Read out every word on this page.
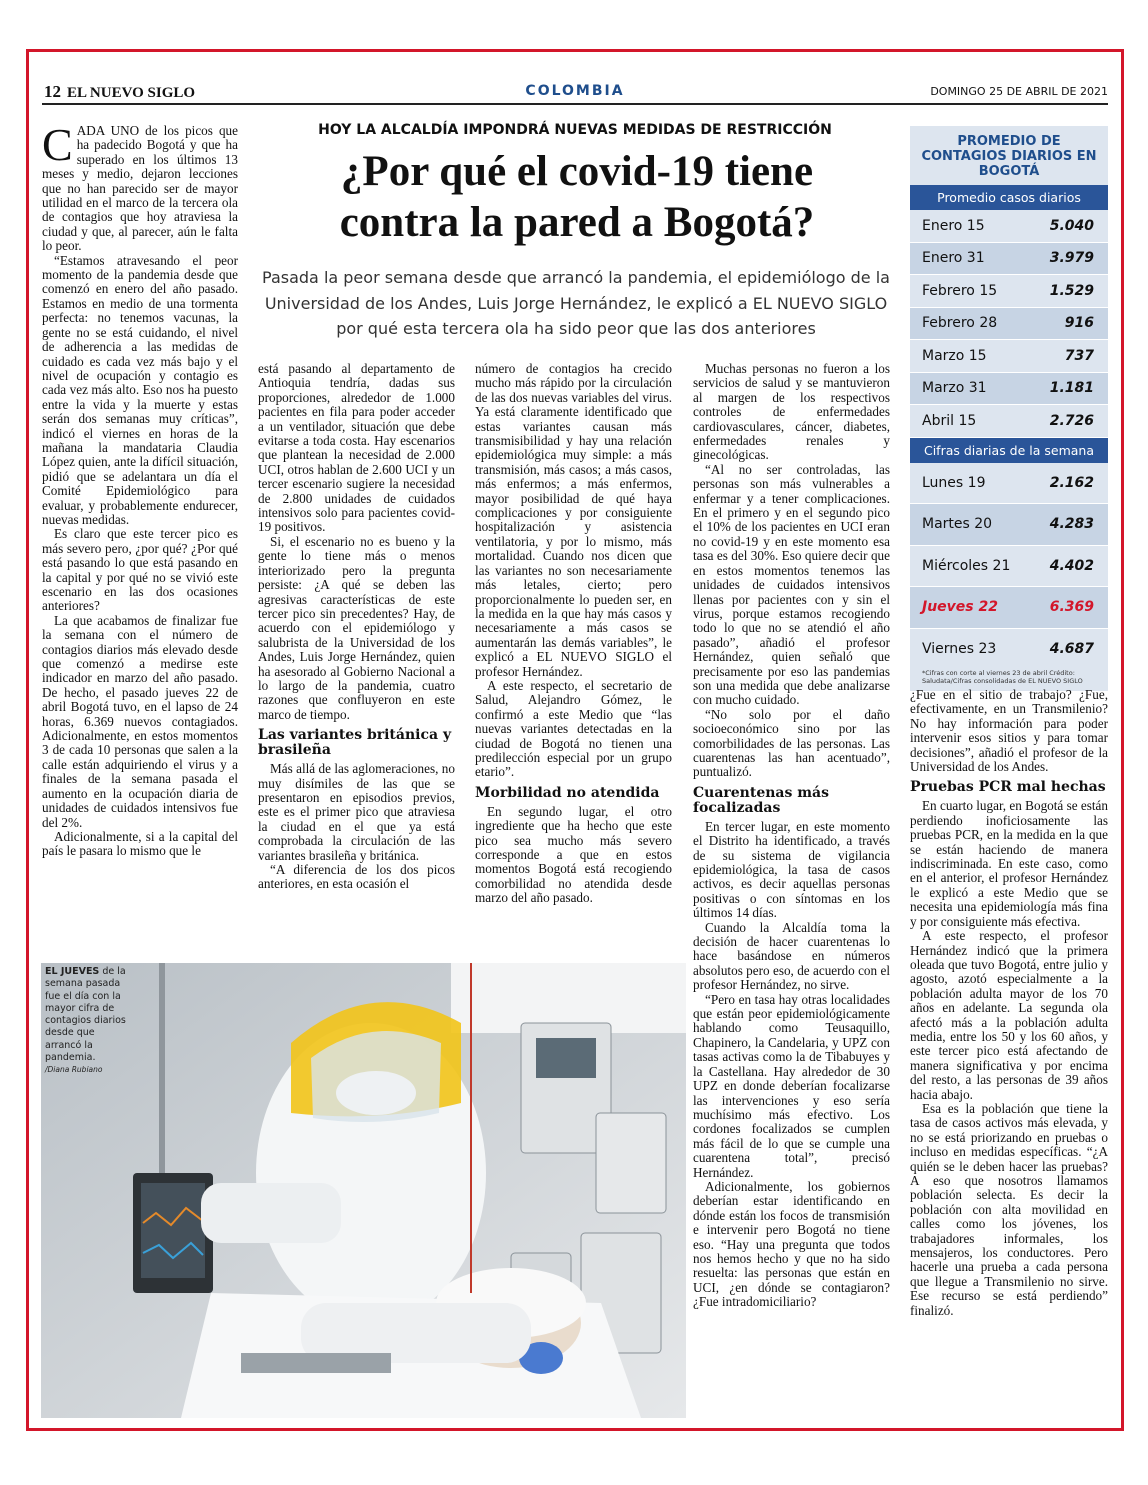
12 EL NUEVO SIGLO	COLOMBIA	DOMINGO 25 DE ABRIL DE 2021
C ADA UNO de los picos que ha padecido Bogotá y que ha superado en los últimos 13 meses y medio, dejaron lecciones que no han parecido ser de mayor utilidad en el marco de la tercera ola de contagios que hoy atraviesa la ciudad y que, al parecer, aún le falta lo peor.

“Estamos atravesando el peor momento de la pandemia desde que comenzó en enero del año pasado. Estamos en medio de una tormenta perfecta: no tenemos vacunas, la gente no se está cuidando, el nivel de adherencia a las medidas de cuidado es cada vez más bajo y el nivel de ocupación y contagio es cada vez más alto. Eso nos ha puesto entre la vida y la muerte y estas serán dos semanas muy críticas”, indicó el viernes en horas de la mañana la mandataria Claudia López quien, ante la difícil situación, pidió que se adelantara un día el Comité Epidemiológico para evaluar, y probablemente endurecer, nuevas medidas.

Es claro que este tercer pico es más severo pero, ¿por qué? ¿Por qué está pasando lo que está pasando en la capital y por qué no se vivió este escenario en las dos ocasiones anteriores?

La que acabamos de finalizar fue la semana con el número de contagios diarios más elevado desde que comenzó a medirse este indicador en marzo del año pasado. De hecho, el pasado jueves 22 de abril Bogotá tuvo, en el lapso de 24 horas, 6.369 nuevos contagiados. Adicionalmente, en estos momentos 3 de cada 10 personas que salen a la calle están adquiriendo el virus y a finales de la semana pasada el aumento en la ocupación diaria de unidades de cuidados intensivos fue del 2%.

Adicionalmente, si a la capital del país le pasara lo mismo que le

HOY LA ALCALDÍA IMPONDRÁ NUEVAS MEDIDAS DE RESTRICCIÓN
¿Por qué el covid-19 tiene
contra la pared a Bogotá?
Pasada la peor semana desde que arrancó la pandemia, el epidemiólogo de la Universidad de los Andes, Luis Jorge Hernández, le explicó a EL NUEVO SIGLO por qué esta tercera ola ha sido peor que las dos anteriores

está pasando al departamento de Antioquia tendría, dadas sus proporciones, alrededor de 1.000 pacientes en fila para poder acceder a un ventilador, situación que debe evitarse a toda costa. Hay escenarios que plantean la necesidad de 2.000 UCI, otros hablan de 2.600 UCI y un tercer escenario sugiere la necesidad de 2.800 unidades de cuidados intensivos solo para pacientes covid-19 positivos.

Si, el escenario no es bueno y la gente lo tiene más o menos interiorizado pero la pregunta persiste: ¿A qué se deben las agresivas características de este tercer pico sin precedentes? Hay, de acuerdo con el epidemiólogo y salubrista de la Universidad de los Andes, Luis Jorge Hernández, quien ha asesorado al Gobierno Nacional a lo largo de la pandemia, cuatro razones que confluyeron en este marco de tiempo.

Las variantes británica y brasileña

Más allá de las aglomeraciones, no muy disímiles de las que se presentaron en episodios previos, este es el primer pico que atraviesa la ciudad en el que ya está comprobada la circulación de las variantes brasileña y británica.

“A diferencia de los dos picos anteriores, en esta ocasión el

número de contagios ha crecido mucho más rápido por la circulación de las dos nuevas variables del virus. Ya está claramente identificado que estas variantes causan más transmisibilidad y hay una relación epidemiológica muy simple: a más transmisión, más casos; a más casos, más enfermos; a más enfermos, mayor posibilidad de qué haya complicaciones y por consiguiente hospitalización y asistencia ventilatoria, y por lo mismo, más mortalidad. Cuando nos dicen que las variantes no son necesariamente más letales, cierto; pero proporcionalmente lo pueden ser, en la medida en la que hay más casos y necesariamente a más casos se aumentarán las demás variables”, le explicó a EL NUEVO SIGLO el profesor Hernández.

A este respecto, el secretario de Salud, Alejandro Gómez, le confirmó a este Medio que “las nuevas variantes detectadas en la ciudad de Bogotá no tienen una predilección especial por un grupo etario”.

Morbilidad no atendida

En segundo lugar, el otro ingrediente que ha hecho que este pico sea mucho más severo corresponde a que en estos momentos Bogotá está recogiendo comorbilidad no atendida desde marzo del año pasado.

Muchas personas no fueron a los servicios de salud y se mantuvieron al margen de los respectivos controles de enfermedades cardiovasculares, cáncer, diabetes, enfermedades renales y ginecológicas.

“Al no ser controladas, las personas son más vulnerables a enfermar y a tener complicaciones. En el primero y en el segundo pico el 10% de los pacientes en UCI eran no covid-19 y en este momento esa tasa es del 30%. Eso quiere decir que en estos momentos tenemos las unidades de cuidados intensivos llenas por pacientes con y sin el virus, porque estamos recogiendo todo lo que no se atendió el año pasado”, añadió el profesor Hernández, quien señaló que precisamente por eso las pandemias son una medida que debe analizarse con mucho cuidado.

“No solo por el daño socioeconómico sino por las comorbilidades de las personas. Las cuarentenas las han acentuado”, puntualizó.

Cuarentenas más focalizadas

En tercer lugar, en este momento el Distrito ha identificado, a través de su sistema de vigilancia epidemiológica, la tasa de casos activos, es decir aquellas personas positivas o con síntomas en los últimos 14 días.

Cuando la Alcaldía toma la decisión de hacer cuarentenas lo hace basándose en números absolutos pero eso, de acuerdo con el profesor Hernández, no sirve.

“Pero en tasa hay otras localidades que están peor epidemiológicamente hablando como Teusaquillo, Chapinero, la Candelaria, y UPZ con tasas activas como la de Tibabuyes y la Castellana. Hay alrededor de 30 UPZ en donde deberían focalizarse las intervenciones y eso sería muchísimo más efectivo. Los cordones focalizados se cumplen más fácil de lo que se cumple una cuarentena total”, precisó Hernández.

Adicionalmente, los gobiernos deberían estar identificando en dónde están los focos de transmisión e intervenir pero Bogotá no tiene eso. “Hay una pregunta que todos nos hemos hecho y que no ha sido resuelta: las personas que están en UCI, ¿en dónde se contagiaron? ¿Fue intradomiciliario?

PROMEDIO DE CONTAGIOS DIARIOS EN BOGOTÁ
Promedio casos diarios
Enero 15	5.040
Enero 31	3.979
Febrero 15	1.529
Febrero 28	916
Marzo 15	737
Marzo 31	1.181
Abril 15	2.726
Cifras diarias de la semana
Lunes 19	2.162
Martes 20	4.283
Miércoles 21	4.402
Jueves 22	6.369
Viernes 23	4.687
*Cifras con corte al viernes 23 de abril Crédito: Saludata/Cifras consolidadas de EL NUEVO SIGLO

¿Fue en el sitio de trabajo? ¿Fue, efectivamente, en un Transmilenio? No hay información para poder intervenir esos sitios y para tomar decisiones”, añadió el profesor de la Universidad de los Andes.

Pruebas PCR mal hechas

En cuarto lugar, en Bogotá se están perdiendo inoficiosamente las pruebas PCR, en la medida en la que se están haciendo de manera indiscriminada. En este caso, como en el anterior, el profesor Hernández le explicó a este Medio que se necesita una epidemiología más fina y por consiguiente más efectiva.

A este respecto, el profesor Hernández indicó que la primera oleada que tuvo Bogotá, entre julio y agosto, azotó especialmente a la población adulta mayor de los 70 años en adelante. La segunda ola afectó más a la población adulta media, entre los 50 y los 60 años, y este tercer pico está afectando de manera significativa y por encima del resto, a las personas de 39 años hacia abajo.

Esa es la población que tiene la tasa de casos activos más elevada, y no se está priorizando en pruebas o incluso en medidas específicas. “¿A quién se le deben hacer las pruebas? A eso que nosotros llamamos población selecta. Es decir la población con alta movilidad en calles como los jóvenes, los trabajadores informales, los mensajeros, los conductores. Pero hacerle una prueba a cada persona que llegue a Transmilenio no sirve. Ese recurso se está perdiendo” finalizó.

EL JUEVES de la semana pasada fue el día con la mayor cifra de contagios diarios desde que arrancó la pandemia.
/Diana Rubiano
